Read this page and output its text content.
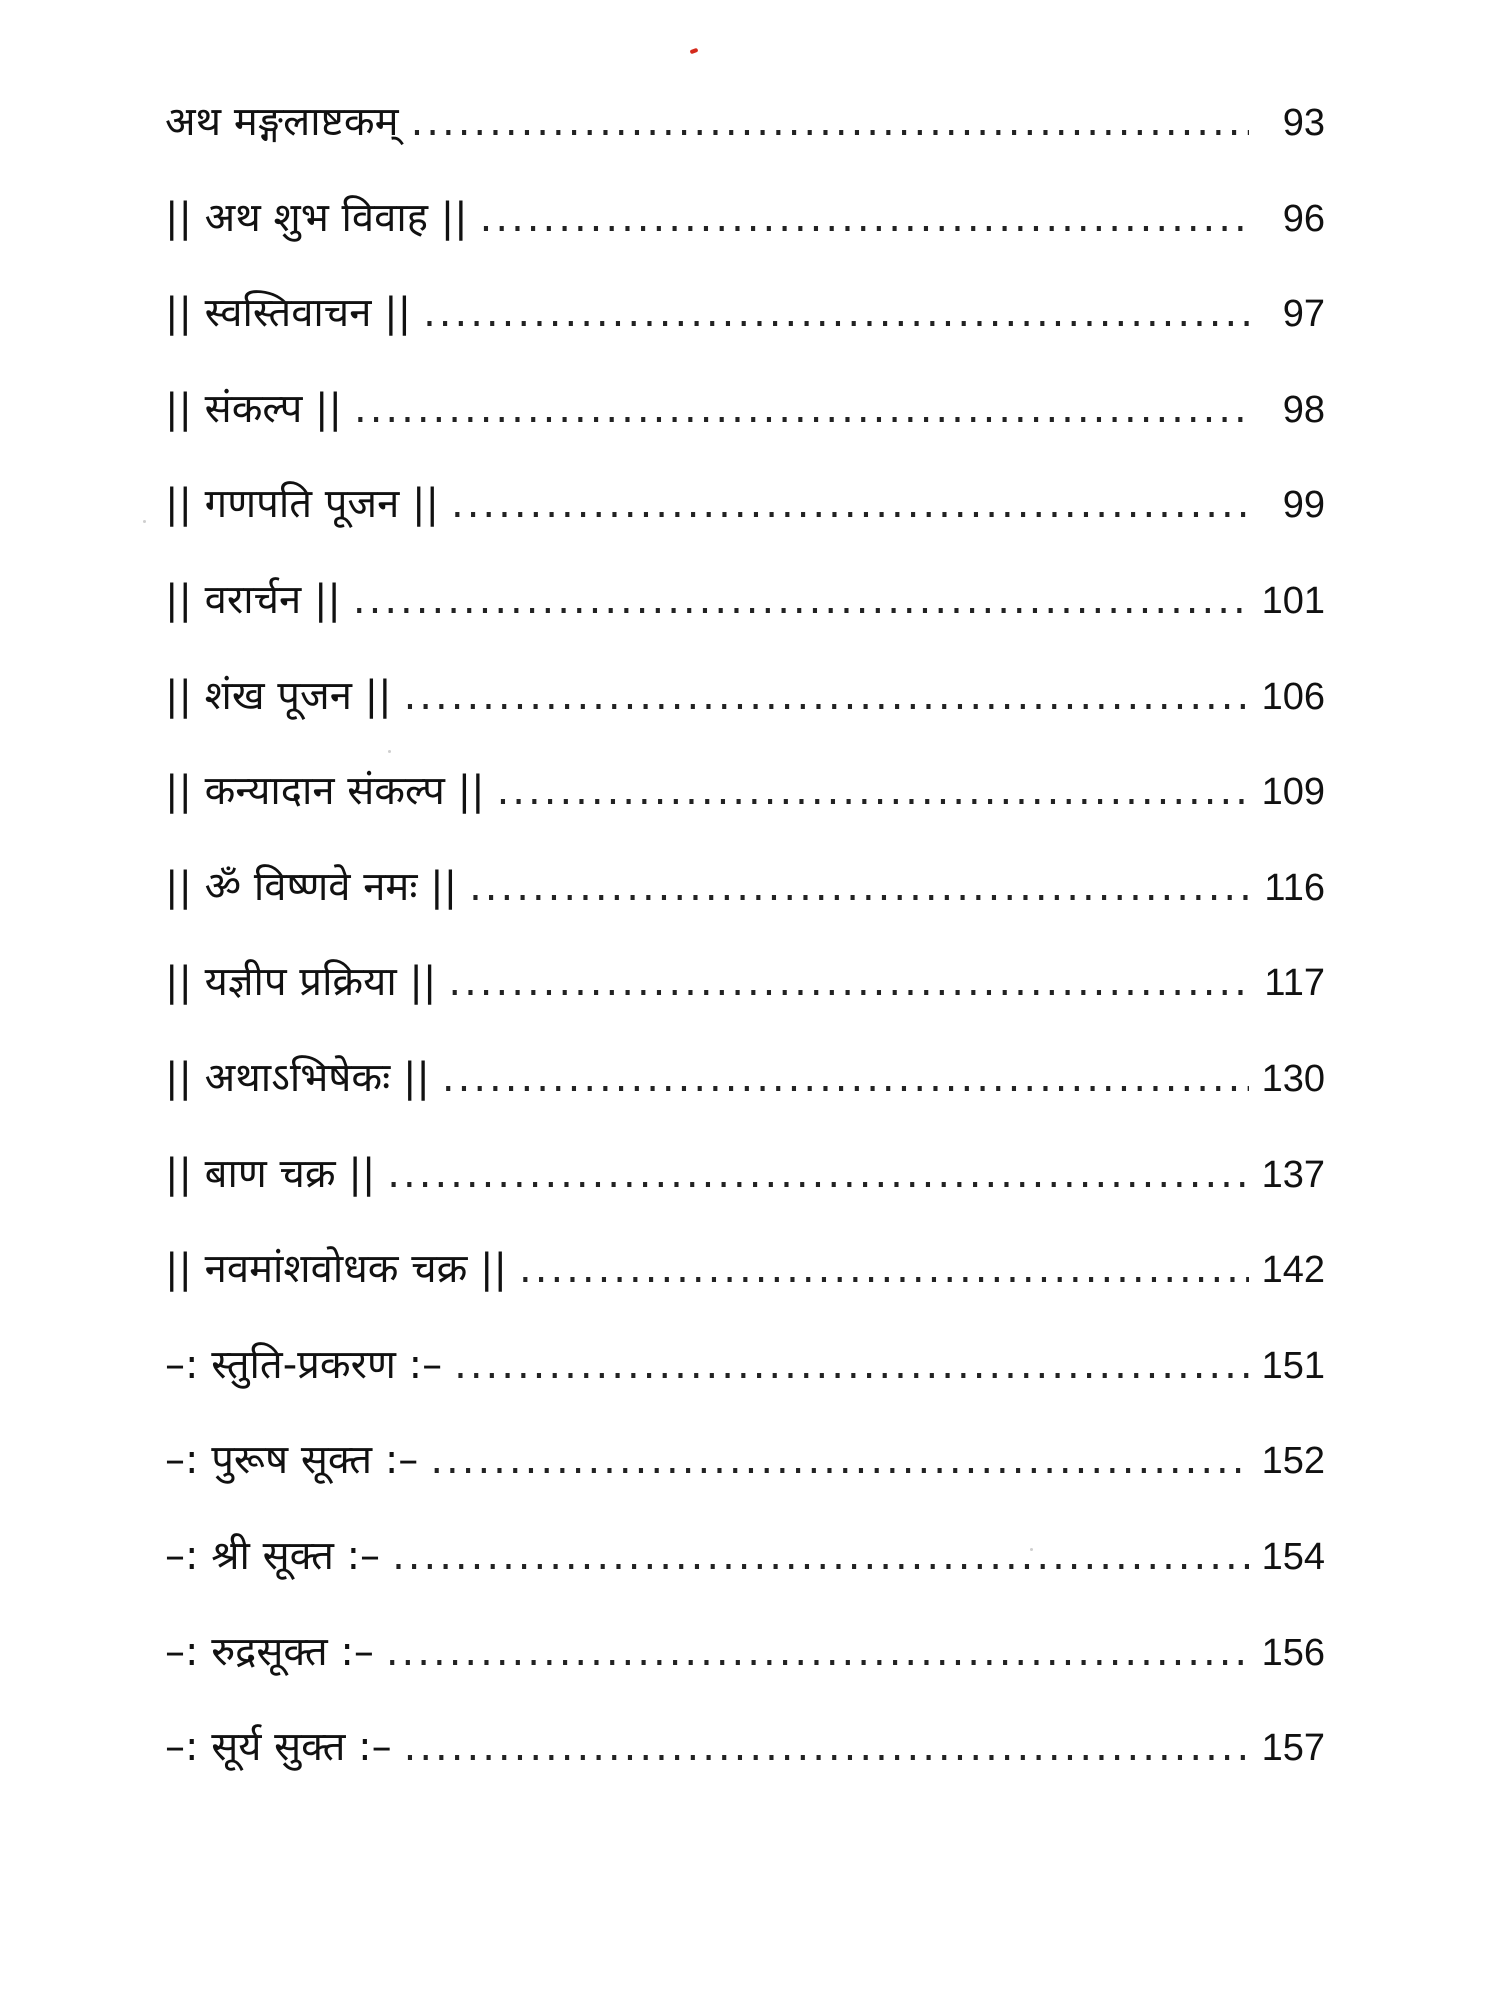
अथ मङ्गलाष्टकम् .....	93
|| अथ शुभ विवाह || .....	96
|| स्वस्तिवाचन || .....	97
|| संकल्प || .....	98
|| गणपति पूजन || .....	99
|| वरार्चन || .....	101
|| शंख पूजन || .....	106
|| कन्यादान संकल्प || .....	109
|| ॐ विष्णवे नमः || .....	116
|| यज्ञीप प्रक्रिया || .....	117
|| अथाऽभिषेकः || .....	130
|| बाण चक्र || .....	137
|| नवमांशवोधक चक्र || .....	142
–: स्तुति-प्रकरण :– .....	151
–: पुरूष सूक्त :– .....	152
–: श्री सूक्त :– .....	154
–: रुद्रसूक्त :– .....	156
–: सूर्य सुक्त :– .....	157
